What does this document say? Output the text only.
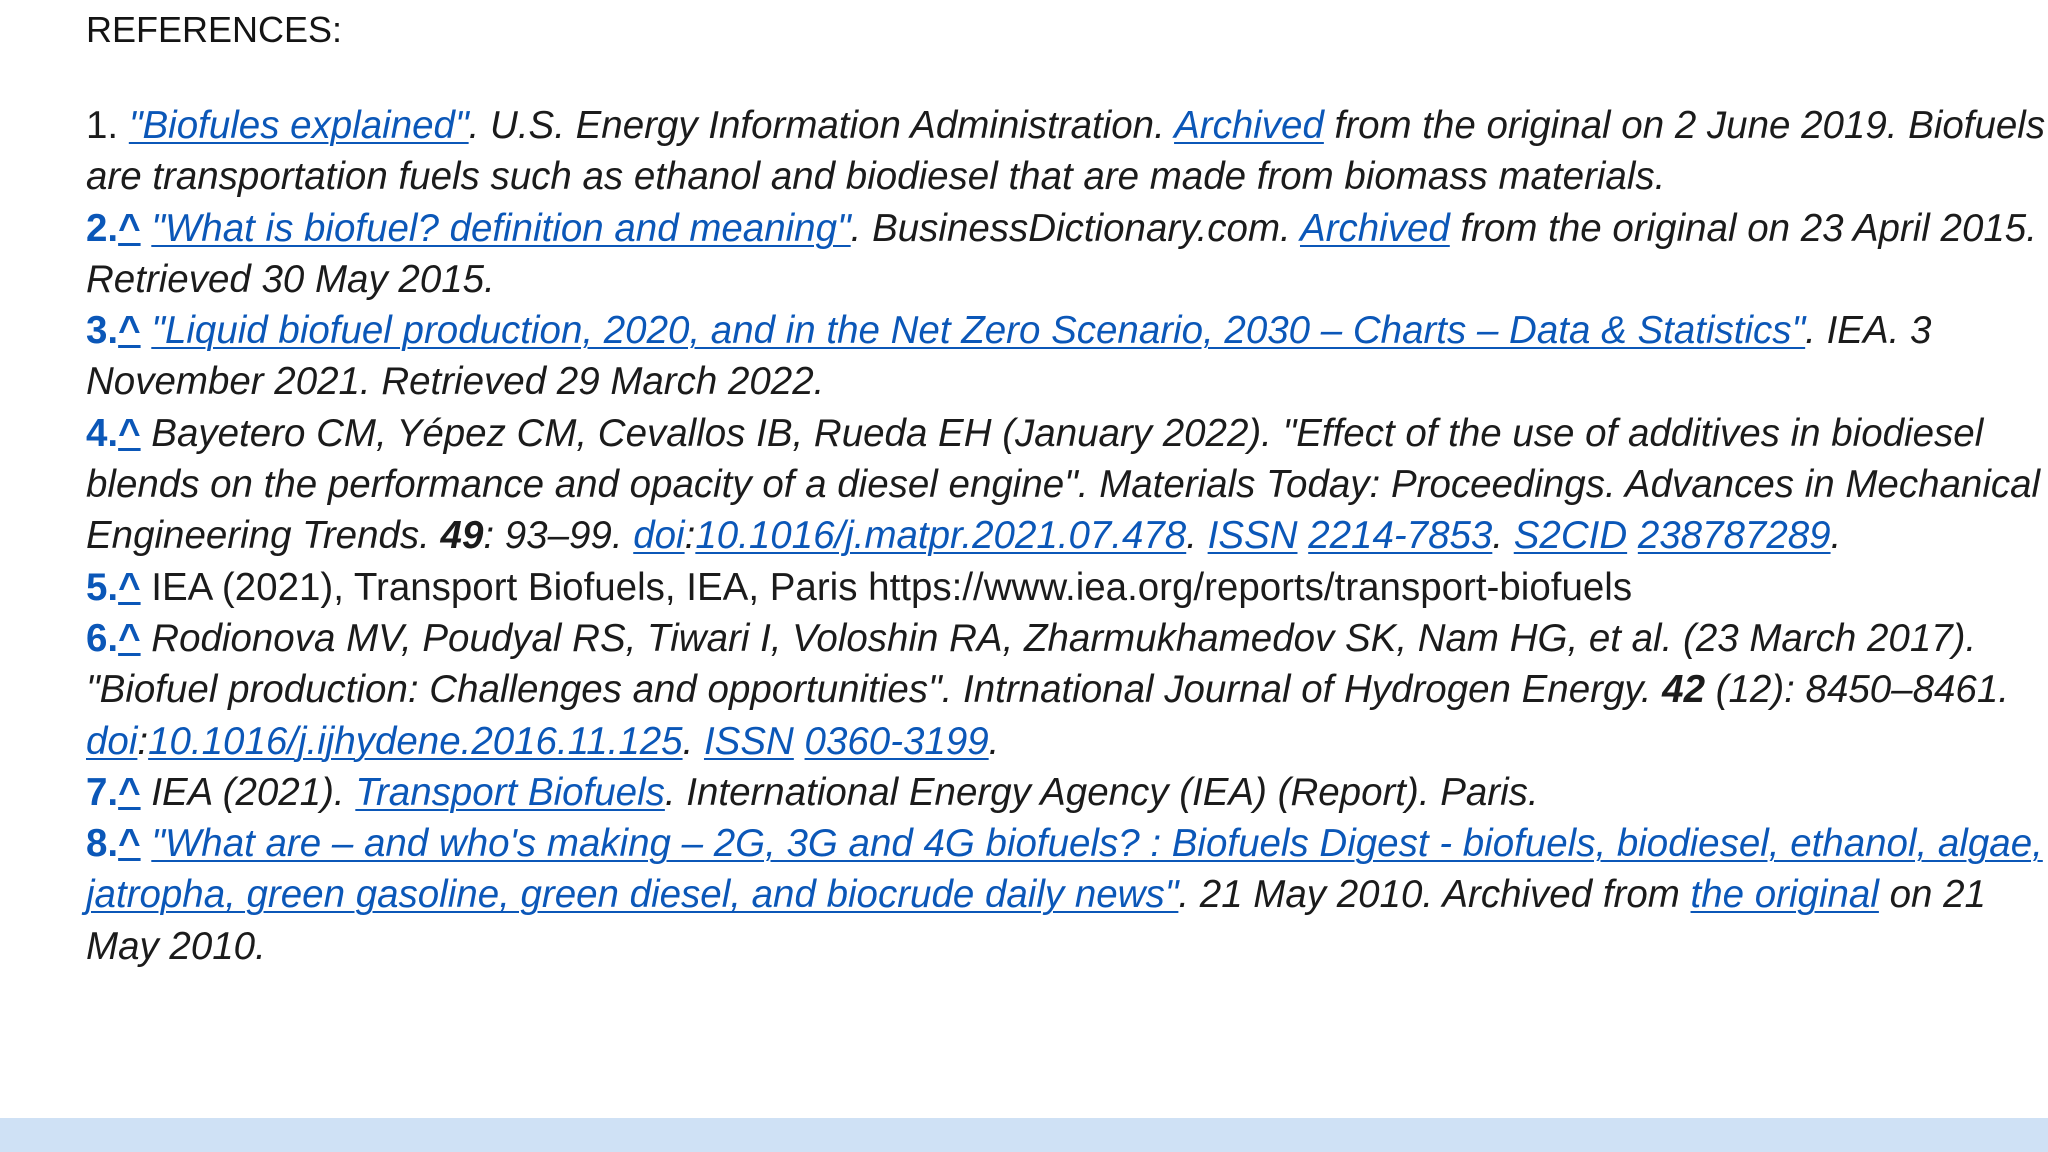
REFERENCES:

1. "Biofules explained". U.S. Energy Information Administration. Archived from the original on 2 June 2019. Biofuels are transportation fuels such as ethanol and biodiesel that are made from biomass materials.

2.^ "What is biofuel? definition and meaning". BusinessDictionary.com. Archived from the original on 23 April 2015. Retrieved 30 May 2015.

3.^ "Liquid biofuel production, 2020, and in the Net Zero Scenario, 2030 – Charts – Data & Statistics". IEA. 3 November 2021. Retrieved 29 March 2022.

4.^ Bayetero CM, Yépez CM, Cevallos IB, Rueda EH (January 2022). "Effect of the use of additives in biodiesel blends on the performance and opacity of a diesel engine". Materials Today: Proceedings. Advances in Mechanical Engineering Trends. 49: 93–99. doi:10.1016/j.matpr.2021.07.478. ISSN 2214-7853. S2CID 238787289.

5.^ IEA (2021), Transport Biofuels, IEA, Paris https://www.iea.org/reports/transport-biofuels

6.^ Rodionova MV, Poudyal RS, Tiwari I, Voloshin RA, Zharmukhamedov SK, Nam HG, et al. (23 March 2017). "Biofuel production: Challenges and opportunities". Intrnational Journal of Hydrogen Energy. 42 (12): 8450–8461. doi:10.1016/j.ijhydene.2016.11.125. ISSN 0360-3199.

7.^ IEA (2021). Transport Biofuels. International Energy Agency (IEA) (Report). Paris.

8.^ "What are – and who's making – 2G, 3G and 4G biofuels? : Biofuels Digest - biofuels, biodiesel, ethanol, algae, jatropha, green gasoline, green diesel, and biocrude daily news". 21 May 2010. Archived from the original on 21 May 2010.
